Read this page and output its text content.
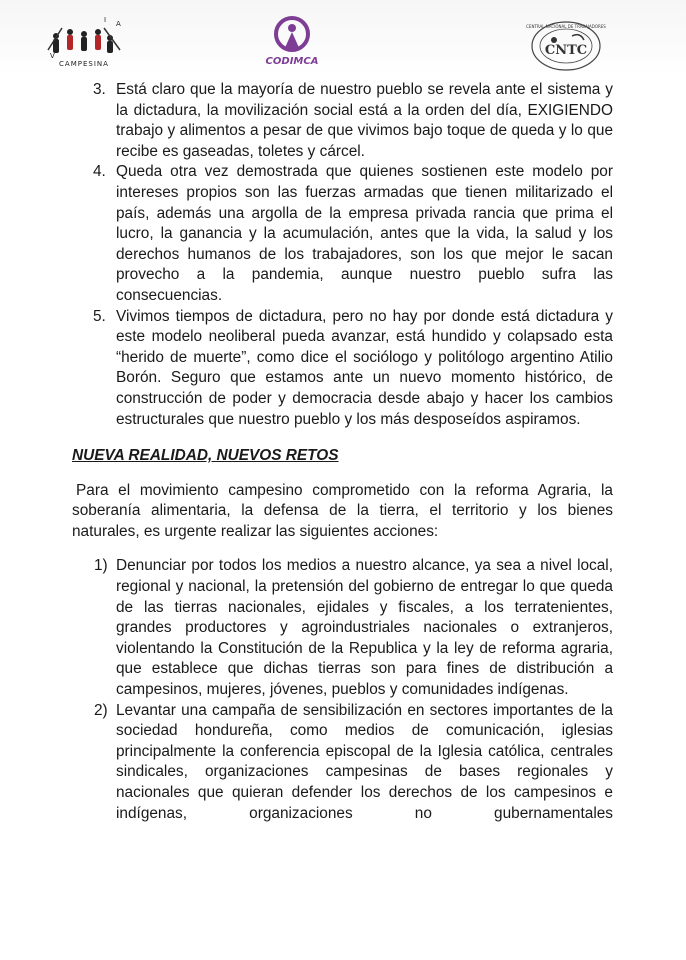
CAMPESINA
A
I
V	CODIMCA
CENTRAL NACIONAL DE TRABAJADORES
CNTC
3. Está claro que la mayoría de nuestro pueblo se revela ante el sistema y la dictadura, la movilización social está a la orden del día, EXIGIENDO trabajo y alimentos a pesar de que vivimos bajo toque de queda y lo que recibe es gaseadas, toletes y cárcel.
4. Queda otra vez demostrada que quienes sostienen este modelo por intereses propios son las fuerzas armadas que tienen militarizado el país, además una argolla de la empresa privada rancia que prima el lucro, la ganancia y la acumulación, antes que la vida, la salud y los derechos humanos de los trabajadores, son los que mejor le sacan provecho a la pandemia, aunque nuestro pueblo sufra las consecuencias.
5. Vivimos tiempos de dictadura, pero no hay por donde está dictadura y este modelo neoliberal pueda avanzar, está hundido y colapsado esta “herido de muerte”, como dice el sociólogo y politólogo argentino Atilio Borón. Seguro que estamos ante un nuevo momento histórico, de construcción de poder y democracia desde abajo y hacer los cambios estructurales que nuestro pueblo y los más desposeídos aspiramos.
NUEVA REALIDAD, NUEVOS RETOS

Para el movimiento campesino comprometido con la reforma Agraria, la soberanía alimentaria, la defensa de la tierra, el territorio y los bienes naturales, es urgente realizar las siguientes acciones:

1) Denunciar por todos los medios a nuestro alcance, ya sea a nivel local, regional y nacional, la pretensión del gobierno de entregar lo que queda de las tierras nacionales, ejidales y fiscales, a los terratenientes, grandes productores y agroindustriales nacionales o extranjeros, violentando la Constitución de la Republica y la ley de reforma agraria, que establece que dichas tierras son para fines de distribución a campesinos, mujeres, jóvenes, pueblos y comunidades indígenas.
2) Levantar una campaña de sensibilización en sectores importantes de la sociedad hondureña, como medios de comunicación, iglesias principalmente la conferencia episcopal de la Iglesia católica, centrales sindicales, organizaciones campesinas de bases regionales y nacionales que quieran defender los derechos de los campesinos e indígenas, organizaciones no gubernamentales
